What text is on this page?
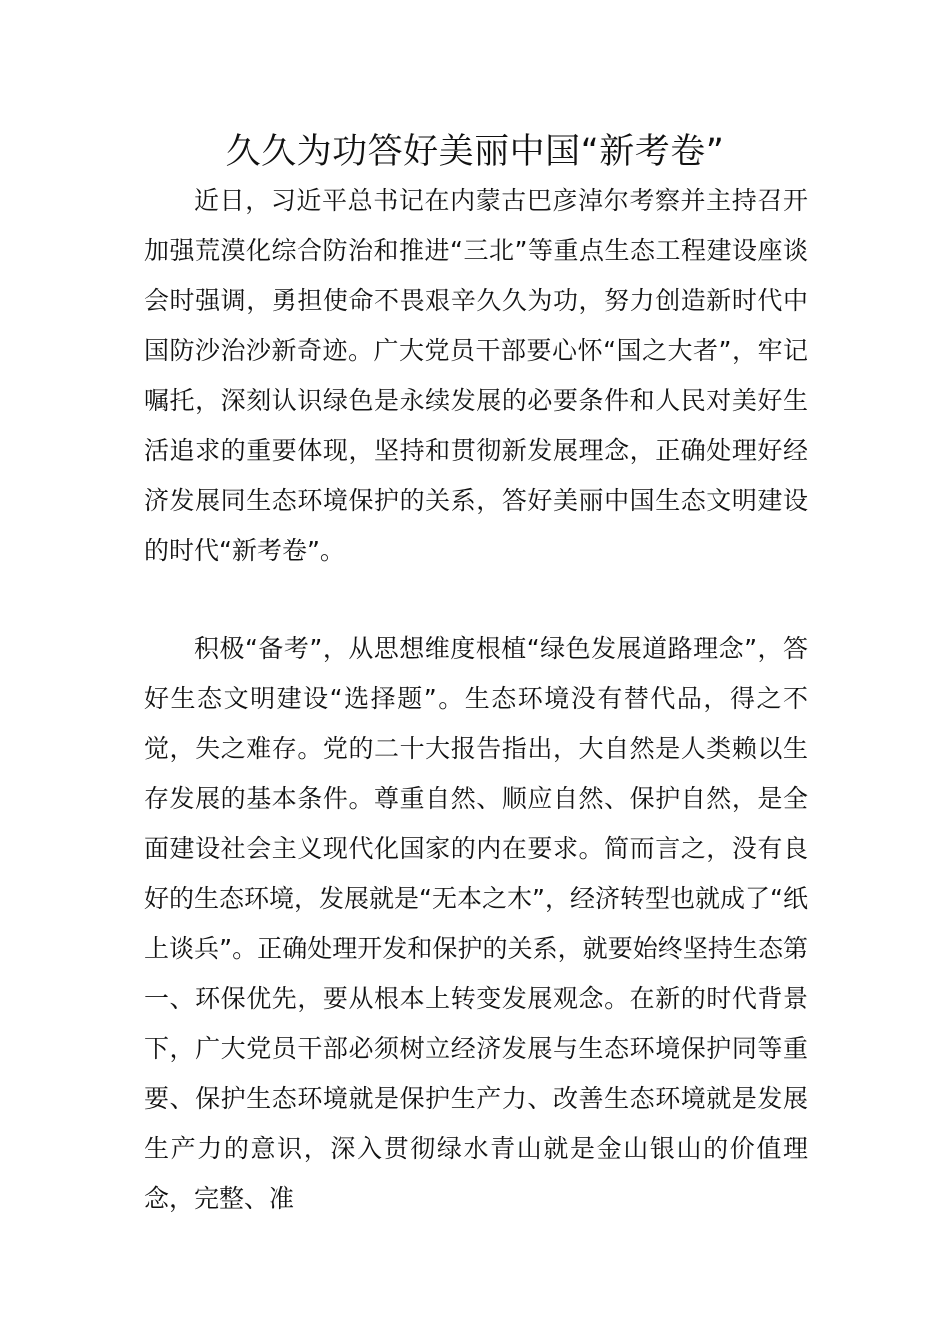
久久为功答好美丽中国“新考卷”

近日，习近平总书记在内蒙古巴彦淖尔考察并主持召开加强荒漠化综合防治和推进“三北”等重点生态工程建设座谈会时强调，勇担使命不畏艰辛久久为功，努力创造新时代中国防沙治沙新奇迹。广大党员干部要心怀“国之大者”，牢记嘱托，深刻认识绿色是永续发展的必要条件和人民对美好生活追求的重要体现，坚持和贯彻新发展理念，正确处理好经济发展同生态环境保护的关系，答好美丽中国生态文明建设的时代“新考卷”。

积极“备考”，从思想维度根植“绿色发展道路理念”，答好生态文明建设“选择题”。生态环境没有替代品，得之不觉，失之难存。党的二十大报告指出，大自然是人类赖以生存发展的基本条件。尊重自然、顺应自然、保护自然，是全面建设社会主义现代化国家的内在要求。简而言之，没有良好的生态环境，发展就是“无本之木”，经济转型也就成了“纸上谈兵”。正确处理开发和保护的关系，就要始终坚持生态第一、环保优先，要从根本上转变发展观念。在新的时代背景下，广大党员干部必须树立经济发展与生态环境保护同等重要、保护生态环境就是保护生产力、改善生态环境就是发展生产力的意识，深入贯彻绿水青山就是金山银山的价值理念，完整、准
